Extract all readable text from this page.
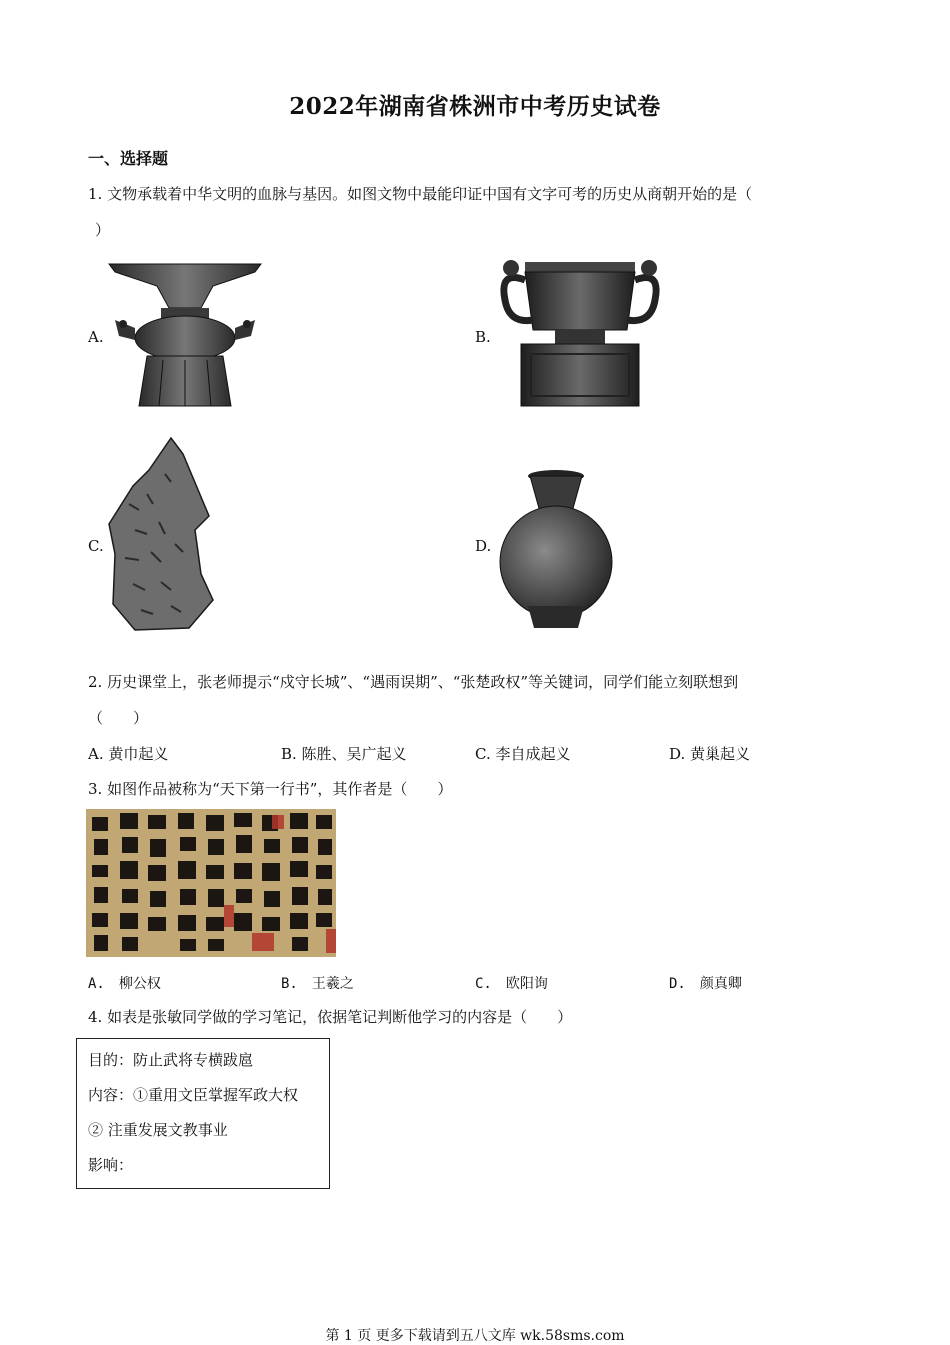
2022年湖南省株洲市中考历史试卷
一、选择题
1. 文物承载着中华文明的血脉与基因。如图文物中最能印证中国有文字可考的历史从商朝开始的是（
）
A.	B.
C.	D.
2. 历史课堂上，张老师提示“戍守长城”、“遇雨误期”、“张楚政权”等关键词，同学们能立刻联想到
（　　）
A. 黄巾起义	B. 陈胜、吴广起义	C. 李自成起义	D. 黄巢起义
3. 如图作品被称为“天下第一行书”，其作者是（　　）
A.　柳公权	B.　王羲之	C.　欧阳询	D.　颜真卿
4. 如表是张敏同学做的学习笔记，依据笔记判断他学习的内容是（　　）
目的：防止武将专横跋扈
内容：①重用文臣掌握军政大权
② 注重发展文教事业
影响：
第 1 页 更多下载请到五八文库 wk.58sms.com
